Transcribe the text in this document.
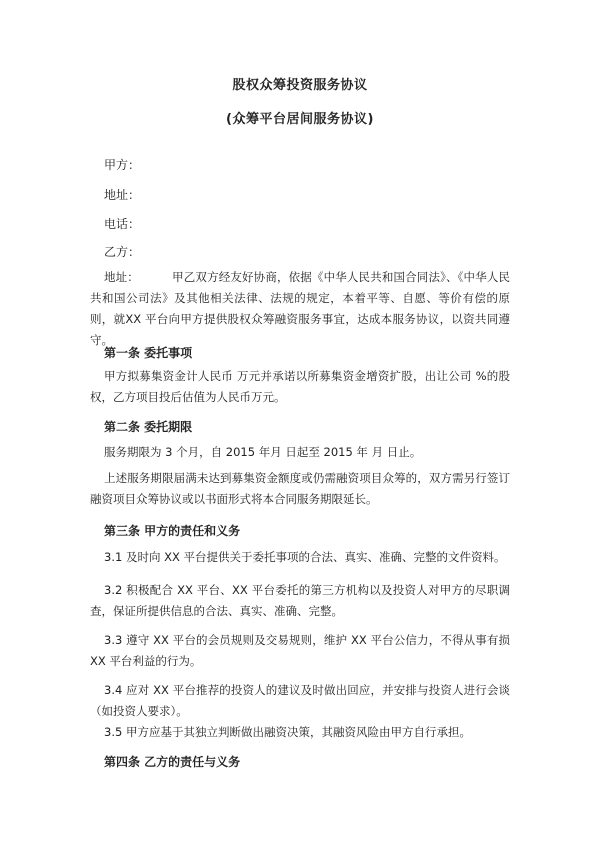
股权众筹投资服务协议
(众筹平台居间服务协议)
甲方：
地址：
电话：
乙方：
地址：	甲乙双方经友好协商，依据《中华人民共和国合同法》、《中华人民共和国公司法》及其他相关法律、法规的规定，本着平等、自愿、等价有偿的原则，就XX 平台向甲方提供股权众筹融资服务事宜，达成本服务协议，以资共同遵守。
第一条 委托事项
甲方拟募集资金计人民币 万元并承诺以所募集资金增资扩股，出让公司 %的股权，乙方项目投后估值为人民币万元。
第二条 委托期限
服务期限为 3 个月，自 2015 年月 日起至 2015 年 月 日止。
上述服务期限届满未达到募集资金额度或仍需融资项目众筹的，双方需另行签订融资项目众筹协议或以书面形式将本合同服务期限延长。
第三条 甲方的责任和义务
3.1 及时向 XX 平台提供关于委托事项的合法、真实、准确、完整的文件资料。
3.2 积极配合 XX 平台、XX 平台委托的第三方机构以及投资人对甲方的尽职调查，保证所提供信息的合法、真实、准确、完整。
3.3 遵守 XX 平台的会员规则及交易规则，维护 XX 平台公信力，不得从事有损 XX 平台利益的行为。
3.4 应对 XX 平台推荐的投资人的建议及时做出回应，并安排与投资人进行会谈（如投资人要求）。
3.5 甲方应基于其独立判断做出融资决策，其融资风险由甲方自行承担。
第四条 乙方的责任与义务
